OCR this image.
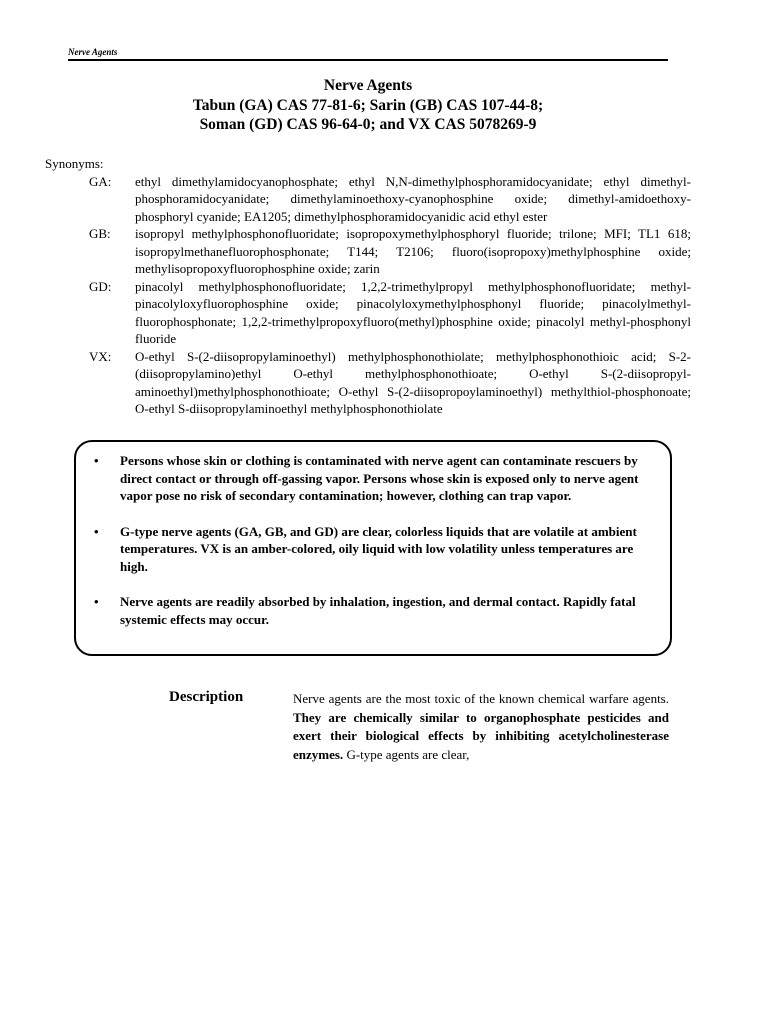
Nerve Agents
Nerve Agents
Tabun (GA) CAS 77-81-6; Sarin (GB) CAS 107-44-8;
Soman (GD) CAS 96-64-0; and VX CAS 5078269-9
Synonyms:
GA: ethyl dimethylamidocyanophosphate; ethyl N,N-dimethylphosphoramidocyanidate; ethyl dimethyl-phosphoramidocyanidate; dimethylaminoethoxy-cyanophosphine oxide; dimethyl-amidoethoxy-phosphoryl cyanide; EA1205; dimethylphosphoramidocyanidic acid ethyl ester
GB: isopropyl methylphosphonofluoridate; isopropoxymethylphosphoryl fluoride; trilone; MFI; TL1 618; isopropylmethanefluorophosphonate; T144; T2106; fluoro(isopropoxy)methylphosphine oxide; methylisopropoxyfluorophosphine oxide; zarin
GD: pinacolyl methylphosphonofluoridate; 1,2,2-trimethylpropyl methylphosphonofluoridate; methyl-pinacolyloxyfluorophosphine oxide; pinacolyloxymethylphosphonyl fluoride; pinacolylmethyl-fluorophosphonate; 1,2,2-trimethylpropoxyfluoro(methyl)phosphine oxide; pinacolyl methyl-phosphonyl fluoride
VX: O-ethyl S-(2-diisopropylaminoethyl) methylphosphonothiolate; methylphosphonothioic acid; S-2-(diisopropylamino)ethyl O-ethyl methylphosphonothioate; O-ethyl S-(2-diisopropyl-aminoethyl)methylphosphonothioate; O-ethyl S-(2-diisopropoylaminoethyl) methylthiol-phosphonoate; O-ethyl S-diisopropylaminoethyl methylphosphonothiolate
• Persons whose skin or clothing is contaminated with nerve agent can contaminate rescuers by direct contact or through off-gassing vapor. Persons whose skin is exposed only to nerve agent vapor pose no risk of secondary contamination; however, clothing can trap vapor.
• G-type nerve agents (GA, GB, and GD) are clear, colorless liquids that are volatile at ambient temperatures. VX is an amber-colored, oily liquid with low volatility unless temperatures are high.
• Nerve agents are readily absorbed by inhalation, ingestion, and dermal contact. Rapidly fatal systemic effects may occur.
Description	Nerve agents are the most toxic of the known chemical warfare agents. They are chemically similar to organophosphate pesticides and exert their biological effects by inhibiting acetylcholinesterase enzymes. G-type agents are clear,
